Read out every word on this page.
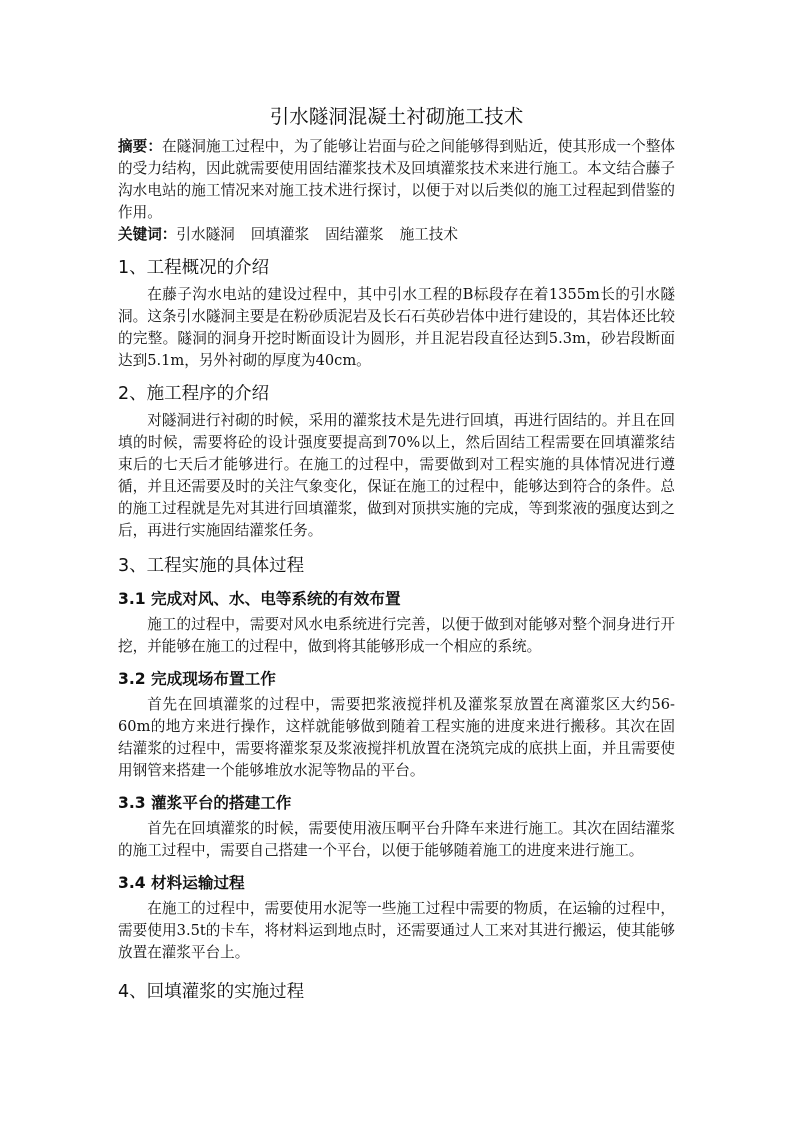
引水隧洞混凝土衬砌施工技术

摘要：在隧洞施工过程中，为了能够让岩面与砼之间能够得到贴近，使其形成一个整体的受力结构，因此就需要使用固结灌浆技术及回填灌浆技术来进行施工。本文结合藤子沟水电站的施工情况来对施工技术进行探讨，以便于对以后类似的施工过程起到借鉴的作用。

关键词：引水隧洞 回填灌浆 固结灌浆 施工技术

1、工程概况的介绍

在藤子沟水电站的建设过程中，其中引水工程的B标段存在着1355m长的引水隧洞。这条引水隧洞主要是在粉砂质泥岩及长石石英砂岩体中进行建设的，其岩体还比较的完整。隧洞的洞身开挖时断面设计为圆形，并且泥岩段直径达到5.3m，砂岩段断面达到5.1m，另外衬砌的厚度为40cm。

2、施工程序的介绍

对隧洞进行衬砌的时候，采用的灌浆技术是先进行回填，再进行固结的。并且在回填的时候，需要将砼的设计强度要提高到70%以上，然后固结工程需要在回填灌浆结束后的七天后才能够进行。在施工的过程中，需要做到对工程实施的具体情况进行遵循，并且还需要及时的关注气象变化，保证在施工的过程中，能够达到符合的条件。总的施工过程就是先对其进行回填灌浆，做到对顶拱实施的完成，等到浆液的强度达到之后，再进行实施固结灌浆任务。

3、工程实施的具体过程
3.1 完成对风、水、电等系统的有效布置

施工的过程中，需要对风水电系统进行完善，以便于做到对能够对整个洞身进行开挖，并能够在施工的过程中，做到将其能够形成一个相应的系统。

3.2 完成现场布置工作

首先在回填灌浆的过程中，需要把浆液搅拌机及灌浆泵放置在离灌浆区大约56-60m的地方来进行操作，这样就能够做到随着工程实施的进度来进行搬移。其次在固结灌浆的过程中，需要将灌浆泵及浆液搅拌机放置在浇筑完成的底拱上面，并且需要使用钢管来搭建一个能够堆放水泥等物品的平台。

3.3 灌浆平台的搭建工作

首先在回填灌浆的时候，需要使用液压啊平台升降车来进行施工。其次在固结灌浆的施工过程中，需要自己搭建一个平台，以便于能够随着施工的进度来进行施工。

3.4 材料运输过程

在施工的过程中，需要使用水泥等一些施工过程中需要的物质，在运输的过程中，需要使用3.5t的卡车，将材料运到地点时，还需要通过人工来对其进行搬运，使其能够放置在灌浆平台上。

4、回填灌浆的实施过程
